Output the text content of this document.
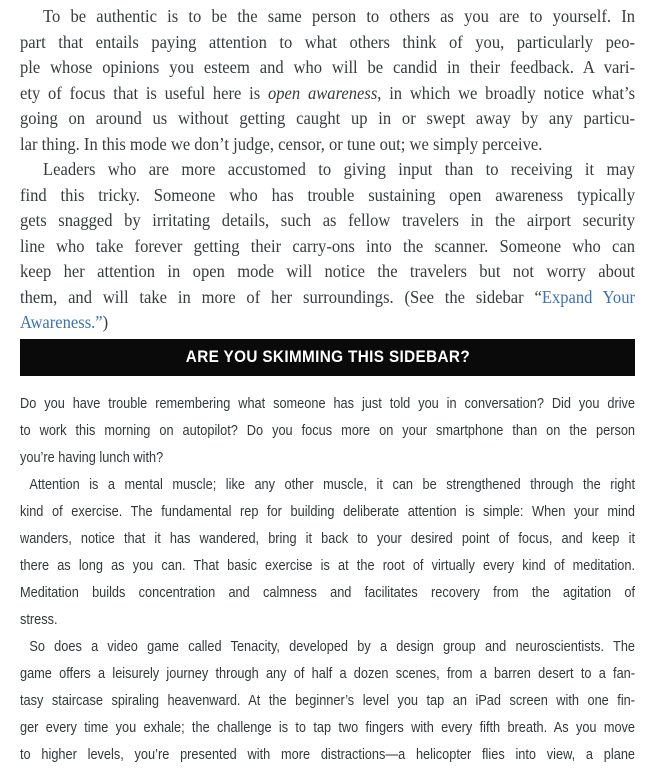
To be authentic is to be the same person to others as you are to yourself. In
part that entails paying attention to what others think of you, particularly peo-
ple whose opinions you esteem and who will be candid in their feedback. A vari-
ety of focus that is useful here is open awareness, in which we broadly notice what’s
going on around us without getting caught up in or swept away by any particu-
lar thing. In this mode we don’t judge, censor, or tune out; we simply perceive.
Leaders who are more accustomed to giving input than to receiving it may
find this tricky. Someone who has trouble sustaining open awareness typically
gets snagged by irritating details, such as fellow travelers in the airport security
line who take forever getting their carry-ons into the scanner. Someone who can
keep her attention in open mode will notice the travelers but not worry about
them, and will take in more of her surroundings. (See the sidebar “Expand Your
Awareness.”)
ARE YOU SKIMMING THIS SIDEBAR?
Do you have trouble remembering what someone has just told you in conversation? Did you drive
to work this morning on autopilot? Do you focus more on your smartphone than on the person
you’re having lunch with?
Attention is a mental muscle; like any other muscle, it can be strengthened through the right
kind of exercise. The fundamental rep for building deliberate attention is simple: When your mind
wanders, notice that it has wandered, bring it back to your desired point of focus, and keep it
there as long as you can. That basic exercise is at the root of virtually every kind of meditation.
Meditation builds concentration and calmness and facilitates recovery from the agitation of
stress.
So does a video game called Tenacity, developed by a design group and neuroscientists. The
game offers a leisurely journey through any of half a dozen scenes, from a barren desert to a fan-
tasy staircase spiraling heavenward. At the beginner’s level you tap an iPad screen with one fin-
ger every time you exhale; the challenge is to tap two fingers with every fifth breath. As you move
to higher levels, you’re presented with more distractions—a helicopter flies into view, a plane
